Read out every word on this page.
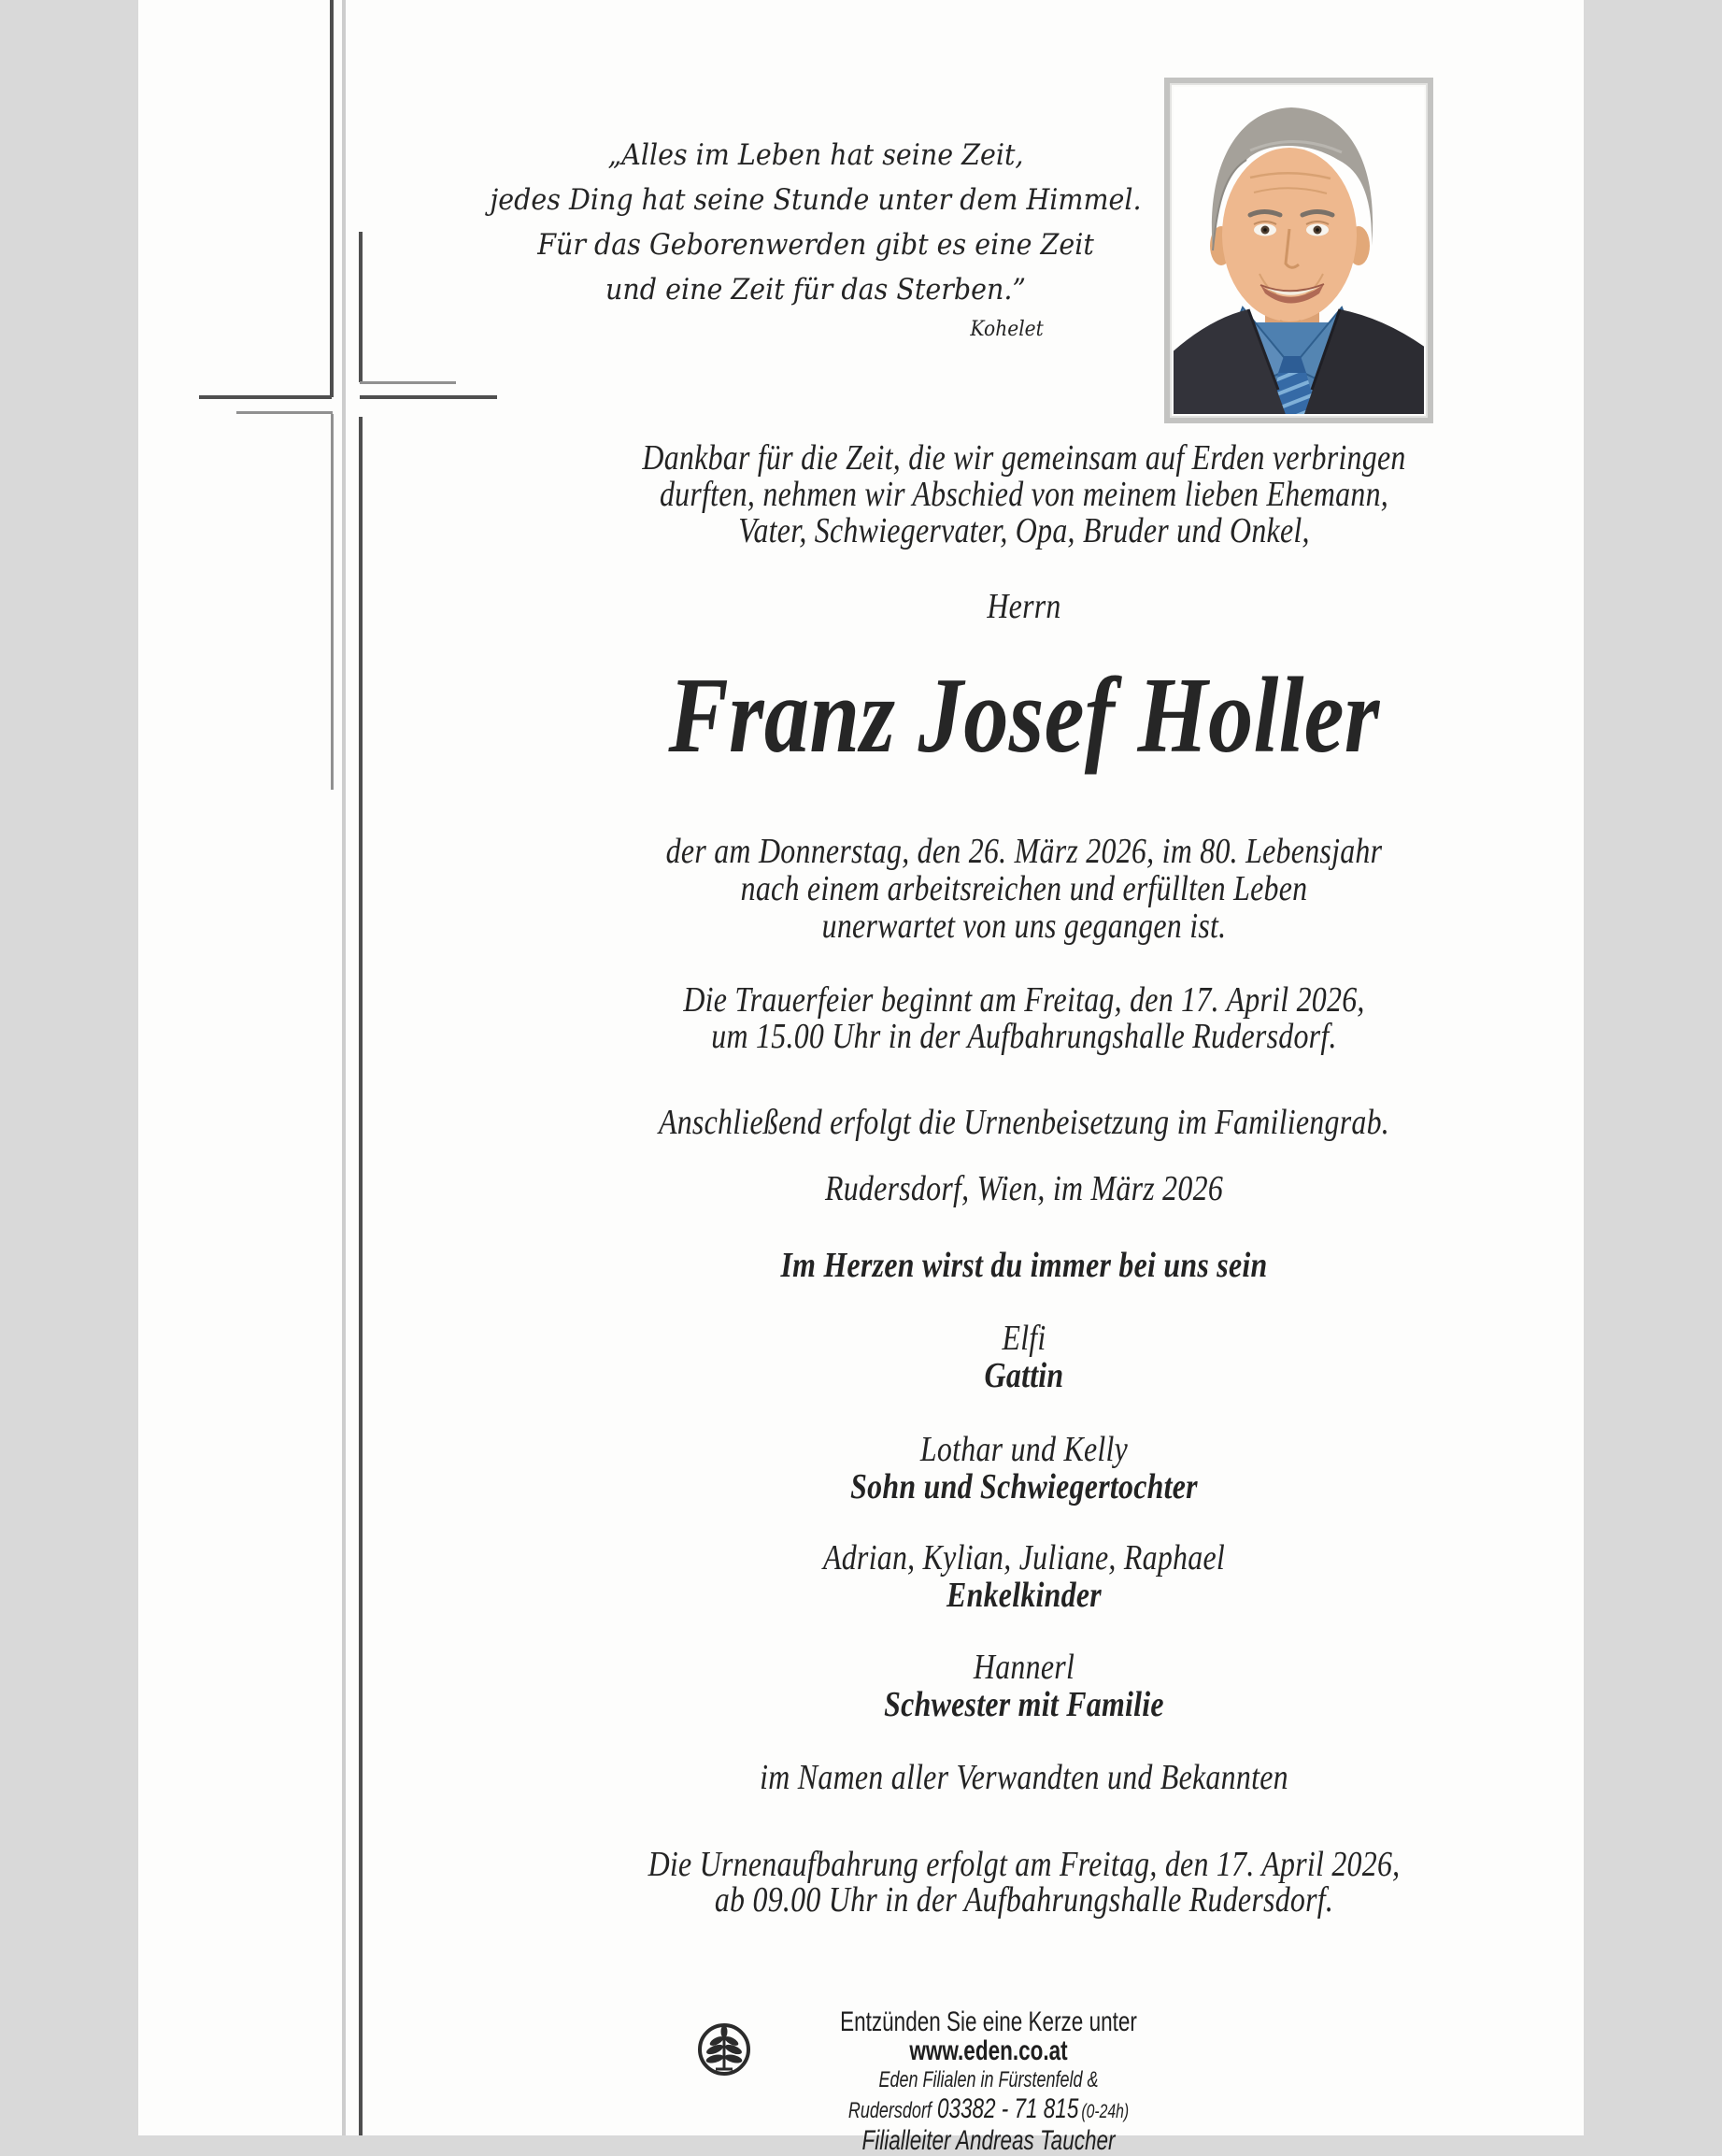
„Alles im Leben hat seine Zeit,
jedes Ding hat seine Stunde unter dem Himmel.
Für das Geborenwerden gibt es eine Zeit
und eine Zeit für das Sterben.”
Kohelet
Dankbar für die Zeit, die wir gemeinsam auf Erden verbringen
durften, nehmen wir Abschied von meinem lieben Ehemann,
Vater, Schwiegervater, Opa, Bruder und Onkel,
Herrn
Franz Josef Holler
der am Donnerstag, den 26. März 2026, im 80. Lebensjahr
nach einem arbeitsreichen und erfüllten Leben
unerwartet von uns gegangen ist.
Die Trauerfeier beginnt am Freitag, den 17. April 2026,
um 15.00 Uhr in der Aufbahrungshalle Rudersdorf.
Anschließend erfolgt die Urnenbeisetzung im Familiengrab.
Rudersdorf, Wien, im März 2026
Im Herzen wirst du immer bei uns sein
Elfi
Gattin
Lothar und Kelly
Sohn und Schwiegertochter
Adrian, Kylian, Juliane, Raphael
Enkelkinder
Hannerl
Schwester mit Familie
im Namen aller Verwandten und Bekannten
Die Urnenaufbahrung erfolgt am Freitag, den 17. April 2026,
ab 09.00 Uhr in der Aufbahrungshalle Rudersdorf.
Entzünden Sie eine Kerze unter www.eden.co.at
Eden Filialen in Fürstenfeld & Rudersdorf 03382 - 71 815 (0-24h)
Filialleiter Andreas Taucher
